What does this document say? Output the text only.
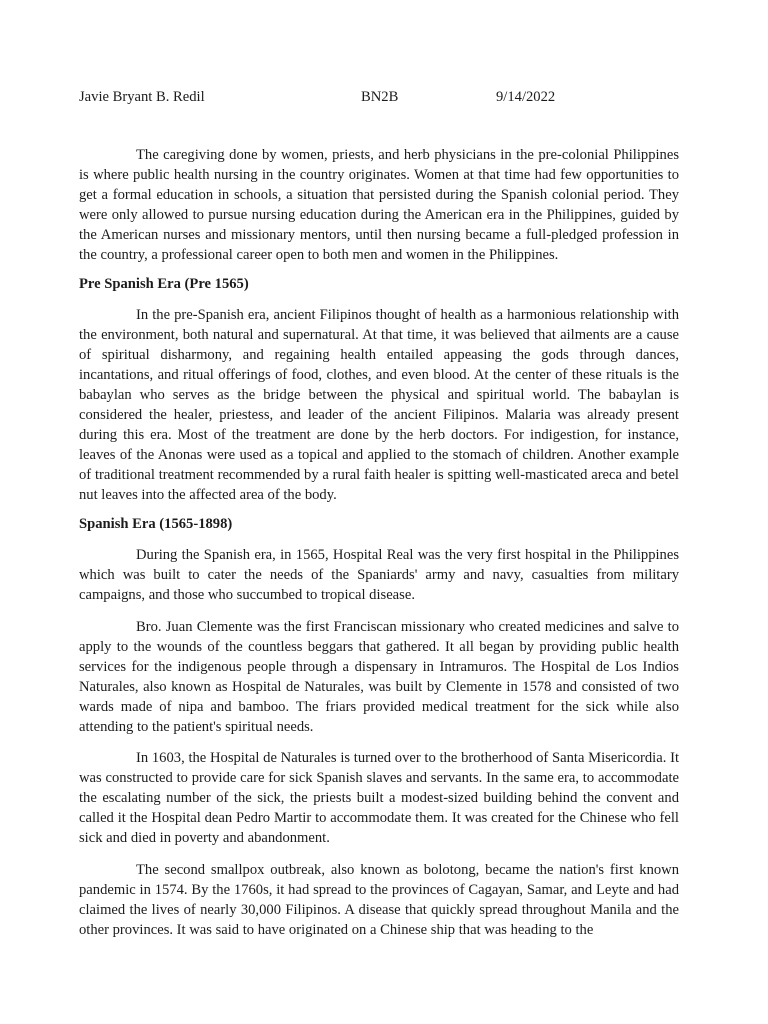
Javie Bryant B. Redil	BN2B	9/14/2022

The caregiving done by women, priests, and herb physicians in the pre-colonial Philippines is where public health nursing in the country originates. Women at that time had few opportunities to get a formal education in schools, a situation that persisted during the Spanish colonial period. They were only allowed to pursue nursing education during the American era in the Philippines, guided by the American nurses and missionary mentors, until then nursing became a full-pledged profession in the country, a professional career open to both men and women in the Philippines.

Pre Spanish Era (Pre 1565)

In the pre-Spanish era, ancient Filipinos thought of health as a harmonious relationship with the environment, both natural and supernatural. At that time, it was believed that ailments are a cause of spiritual disharmony, and regaining health entailed appeasing the gods through dances, incantations, and ritual offerings of food, clothes, and even blood. At the center of these rituals is the babaylan who serves as the bridge between the physical and spiritual world. The babaylan is considered the healer, priestess, and leader of the ancient Filipinos. Malaria was already present during this era. Most of the treatment are done by the herb doctors. For indigestion, for instance, leaves of the Anonas were used as a topical and applied to the stomach of children. Another example of traditional treatment recommended by a rural faith healer is spitting well-masticated areca and betel nut leaves into the affected area of the body.

Spanish Era (1565-1898)

During the Spanish era, in 1565, Hospital Real was the very first hospital in the Philippines which was built to cater the needs of the Spaniards' army and navy, casualties from military campaigns, and those who succumbed to tropical disease.

Bro. Juan Clemente was the first Franciscan missionary who created medicines and salve to apply to the wounds of the countless beggars that gathered. It all began by providing public health services for the indigenous people through a dispensary in Intramuros. The Hospital de Los Indios Naturales, also known as Hospital de Naturales, was built by Clemente in 1578 and consisted of two wards made of nipa and bamboo. The friars provided medical treatment for the sick while also attending to the patient's spiritual needs.

In 1603, the Hospital de Naturales is turned over to the brotherhood of Santa Misericordia. It was constructed to provide care for sick Spanish slaves and servants. In the same era, to accommodate the escalating number of the sick, the priests built a modest-sized building behind the convent and called it the Hospital dean Pedro Martir to accommodate them. It was created for the Chinese who fell sick and died in poverty and abandonment.

The second smallpox outbreak, also known as bolotong, became the nation's first known pandemic in 1574. By the 1760s, it had spread to the provinces of Cagayan, Samar, and Leyte and had claimed the lives of nearly 30,000 Filipinos. A disease that quickly spread throughout Manila and the other provinces. It was said to have originated on a Chinese ship that was heading to the
